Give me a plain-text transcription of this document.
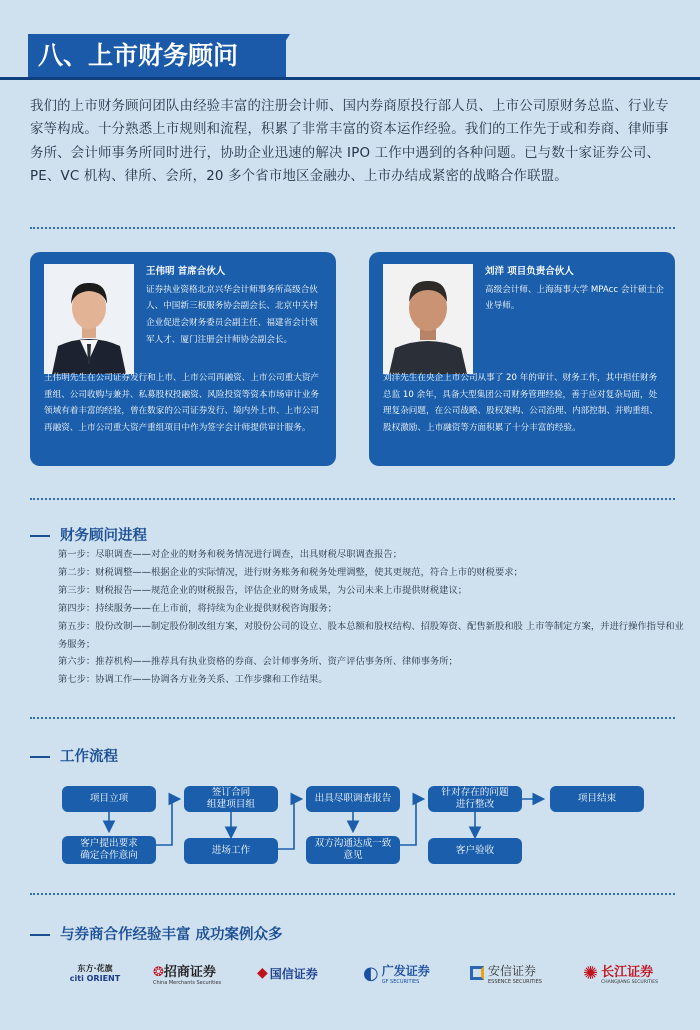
八、上市财务顾问
我们的上市财务顾问团队由经验丰富的注册会计师、国内券商原投行部人员、上市公司原财务总监、行业专家等构成。十分熟悉上市规则和流程，积累了非常丰富的资本运作经验。我们的工作先于或和券商、律师事务所、会计师事务所同时进行，协助企业迅速的解决 IPO 工作中遇到的各种问题。已与数十家证券公司、PE、VC 机构、律所、会所，20 多个省市地区金融办、上市办结成紧密的战略合作联盟。
王伟明 首席合伙人
证券执业资格北京兴华会计师事务所高级合伙人、中国新三板服务协会副会长、北京中关村企业促进会财务委员会副主任、福建省会计领军人才、厦门注册会计师协会副会长。
王伟明先生在公司证券发行和上市、上市公司再融资、上市公司重大资产重组、公司收购与兼并、私募股权投融资、风险投资等资本市场审计业务领域有着丰富的经验，曾在数家的公司证券发行、境内外上市、上市公司再融资、上市公司重大资产重组项目中作为签字会计师提供审计服务。
刘洋 项目负责合伙人
高级会计师、上海海事大学 MPAcc 会计硕士企业导师。
刘洋先生在央企上市公司从事了 20 年的审计、财务工作，其中担任财务总监 10 余年，具备大型集团公司财务管理经验，善于应对复杂局面，处理复杂问题，在公司战略、股权架构、公司治理、内部控制、并购重组、股权激励、上市融资等方面积累了十分丰富的经验。
财务顾问进程
第一步：尽职调查——对企业的财务和税务情况进行调查，出具财税尽职调查报告；
第二步：财税调整——根据企业的实际情况，进行财务账务和税务处理调整，使其更规范，符合上市的财税要求；
第三步：财税报告——规范企业的财税报告，评估企业的财务成果，为公司未来上市提供财税建议；
第四步：持续服务——在上市前，将持续为企业提供财税咨询服务；
第五步：股份改制——制定股份制改组方案，对股份公司的设立、股本总额和股权结构、招股筹资、配售新股和股 上市等制定方案，并进行操作指导和业务服务；
第六步：推荐机构——推荐具有执业资格的券商、会计师事务所、资产评估事务所、律师事务所；
第七步：协调工作——协调各方业务关系、工作步骤和工作结果。
工作流程
项目立项
签订合同
组建项目组
出具尽职调查报告
针对存在的问题
进行整改
项目结束
客户提出要求
确定合作意向	进场工作
双方沟通达成一致
意见	客户验收
与券商合作经验丰富 成功案例众多
东方·花旗
citi ORIENT	❂招商证券
China Merchants Securities
◆ 国信证券	◐ 广发证券
GF SECURITIES
安信证券
ESSENCE SECURITIES ✺ 长江证券
CHANGJIANG SECURITIES
